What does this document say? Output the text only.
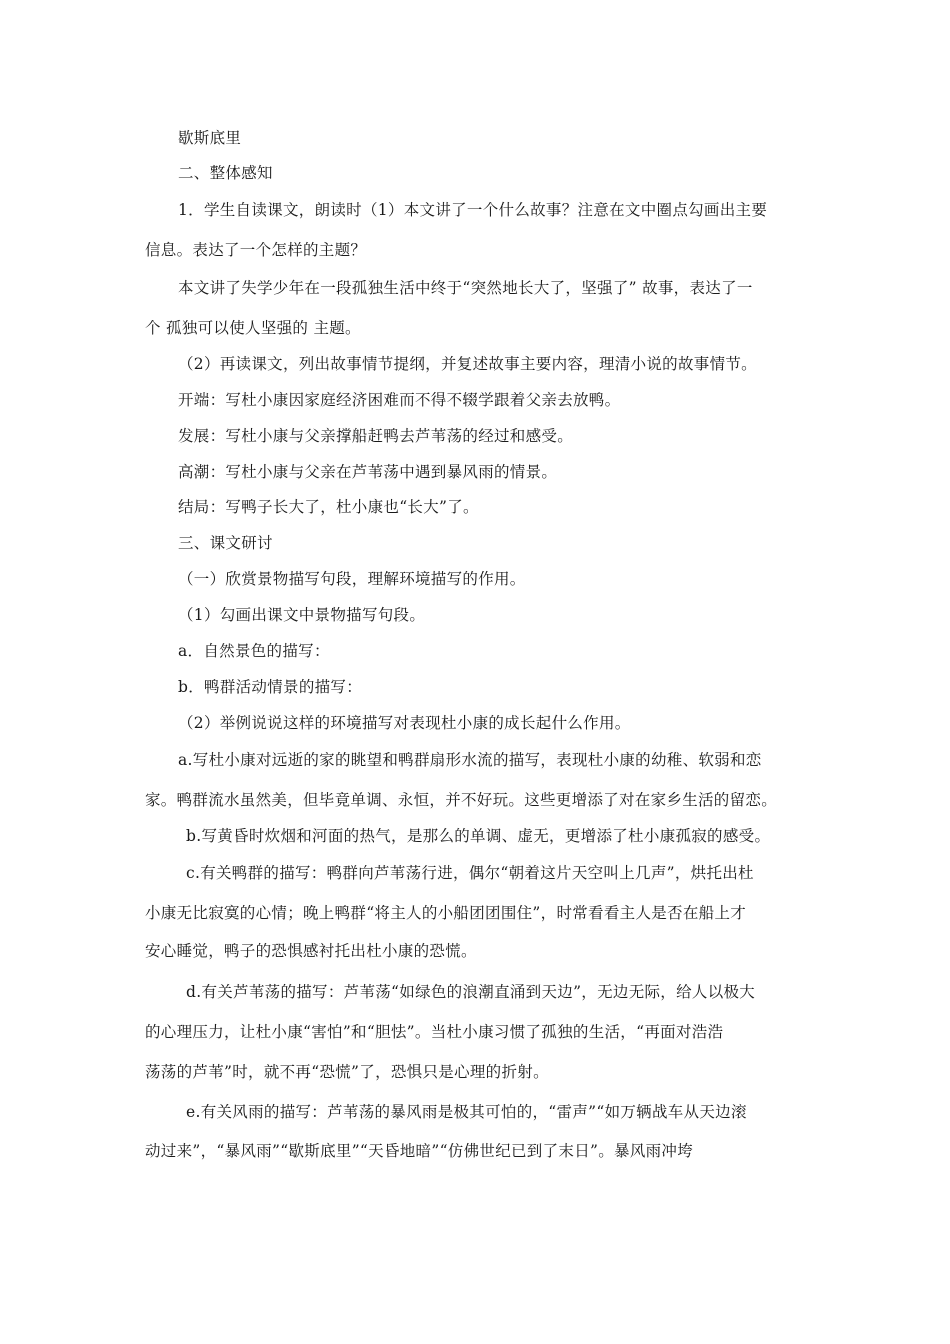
歇斯底里
二、整体感知
1．学生自读课文，朗读时（1）本文讲了一个什么故事？注意在文中圈点勾画出主要
信息。表达了一个怎样的主题？
本文讲了失学少年在一段孤独生活中终于“突然地长大了，坚强了” 故事，表达了一
个 孤独可以使人坚强的 主题。
（2）再读课文，列出故事情节提纲，并复述故事主要内容，理清小说的故事情节。
开端：写杜小康因家庭经济困难而不得不辍学跟着父亲去放鸭。
发展：写杜小康与父亲撑船赶鸭去芦苇荡的经过和感受。
高潮：写杜小康与父亲在芦苇荡中遇到暴风雨的情景。
结局：写鸭子长大了，杜小康也“长大”了。
三、课文研讨
（一）欣赏景物描写句段，理解环境描写的作用。
（1）勾画出课文中景物描写句段。
a．自然景色的描写：
b．鸭群活动情景的描写：
（2）举例说说这样的环境描写对表现杜小康的成长起什么作用。
a.写杜小康对远逝的家的眺望和鸭群扇形水流的描写，表现杜小康的幼稚、软弱和恋
家。鸭群流水虽然美，但毕竟单调、永恒，并不好玩。这些更增添了对在家乡生活的留恋。
b.写黄昏时炊烟和河面的热气，是那么的单调、虚无，更增添了杜小康孤寂的感受。
c.有关鸭群的描写：鸭群向芦苇荡行进，偶尔“朝着这片天空叫上几声”，烘托出杜
小康无比寂寞的心情；晚上鸭群“将主人的小船团团围住”，时常看看主人是否在船上才
安心睡觉，鸭子的恐惧感衬托出杜小康的恐慌。
d.有关芦苇荡的描写：芦苇荡“如绿色的浪潮直涌到天边”，无边无际，给人以极大
的心理压力，让杜小康“害怕”和“胆怯”。当杜小康习惯了孤独的生活，“再面对浩浩
荡荡的芦苇”时，就不再“恐慌”了，恐惧只是心理的折射。
e.有关风雨的描写：芦苇荡的暴风雨是极其可怕的，“雷声”“如万辆战车从天边滚
动过来”，“暴风雨”“歇斯底里”“天昏地暗”“仿佛世纪已到了末日”。暴风雨冲垮
